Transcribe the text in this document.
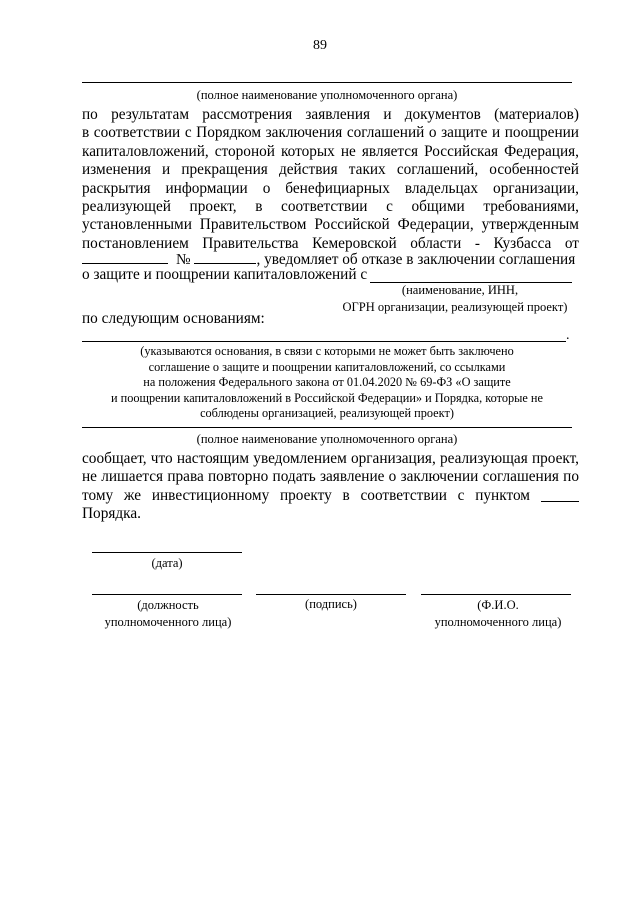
89
(полное наименование уполномоченного органа)
по результатам рассмотрения заявления и документов (материалов)
в соответствии с Порядком заключения соглашений о защите и поощрении
капиталовложений, стороной которых не является Российская Федерация,
изменения и прекращения действия таких соглашений, особенностей
раскрытия информации о бенефициарных владельцах организации,
реализующей проект, в соответствии с общими требованиями,
установленными Правительством Российской Федерации, утвержденным
постановлением Правительства Кемеровской области - Кузбасса от
№	, уведомляет об отказе в заключении соглашения
о защите и поощрении капиталовложений с
(наименование, ИНН,
ОГРН организации, реализующей проект)
по следующим основаниям:
.
(указываются основания, в связи с которыми не может быть заключено
соглашение о защите и поощрении капиталовложений, со ссылками
на положения Федерального закона от 01.04.2020 № 69-ФЗ «О защите
и поощрении капиталовложений в Российской Федерации» и Порядка, которые не
соблюдены организацией, реализующей проект)
(полное наименование уполномоченного органа)
сообщает, что настоящим уведомлением организация, реализующая проект,
не лишается права повторно подать заявление о заключении соглашения по
тому же инвестиционному проекту в соответствии с пунктом
Порядка.
(дата)
(должность
уполномоченного лица)
(подпись)	(Ф.И.О.
уполномоченного лица)
